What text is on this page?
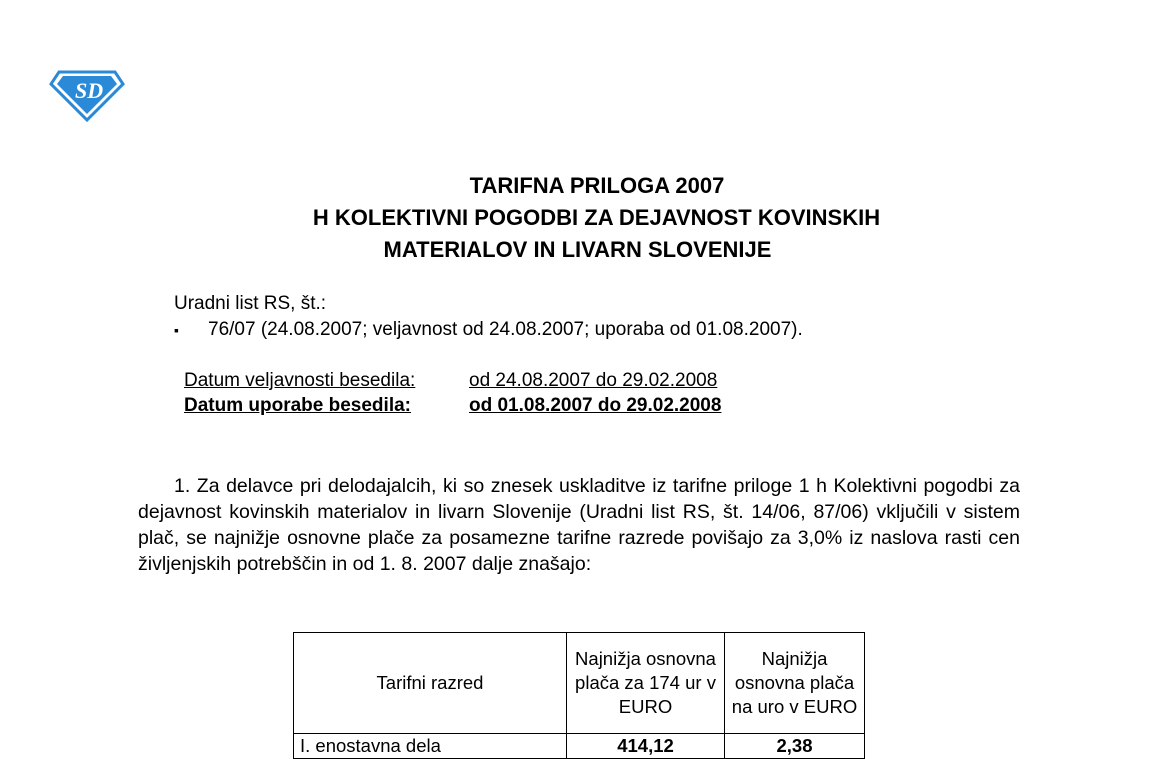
SD
TARIFNA PRILOGA 2007
H KOLEKTIVNI POGODBI ZA DEJAVNOST KOVINSKIH
MATERIALOV IN LIVARN SLOVENIJE
Uradni list RS, št.:
▪	76/07 (24.08.2007; veljavnost od 24.08.2007; uporaba od 01.08.2007).
Datum veljavnosti besedila:	od 24.08.2007 do 29.02.2008
Datum uporabe besedila:	od 01.08.2007 do 29.02.2008
1. Za delavce pri delodajalcih, ki so znesek uskladitve iz tarifne priloge 1 h Kolektivni pogodbi za dejavnost kovinskih materialov in livarn Slovenije (Uradni list RS, št. 14/06, 87/06) vključili v sistem plač, se najnižje osnovne plače za posamezne tarifne razrede povišajo za 3,0% iz naslova rasti cen življenjskih potrebščin in od 1. 8. 2007 dalje znašajo:
Tarifni razred	Najnižja osnovna plača za 174 ur v EURO	Najnižja osnovna plača na uro v EURO
I. enostavna dela	414,12	2,38
